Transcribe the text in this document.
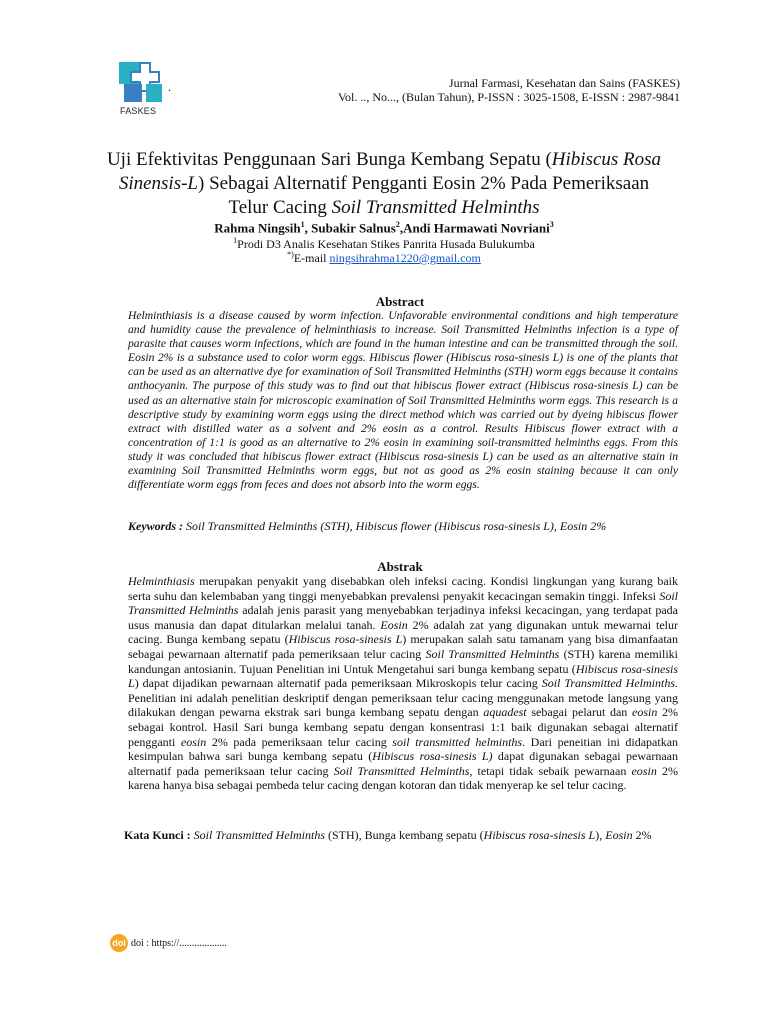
FASKES
.	Jurnal Farmasi, Kesehatan dan Sains (FASKES)
Vol. .., No..., (Bulan Tahun), P-ISSN : 3025-1508, E-ISSN : 2987-9841
Uji Efektivitas Penggunaan Sari Bunga Kembang Sepatu (Hibiscus Rosa Sinensis-L) Sebagai Alternatif Pengganti Eosin 2% Pada Pemeriksaan Telur Cacing Soil Transmitted Helminths
Rahma Ningsih$^1$, Subakir Salnus$^2$,Andi Harmawati Novriani$^3$
$^1$Prodi D3 Analis Kesehatan Stikes Panrita Husada Bulukumba
*)E-mail ningsihrahma1220@gmail.com
Abstract
Helminthiasis is a disease caused by worm infection. Unfavorable environmental conditions and high temperature and humidity cause the prevalence of helminthiasis to increase. Soil Transmitted Helminths infection is a type of parasite that causes worm infections, which are found in the human intestine and can be transmitted through the soil. Eosin 2% is a substance used to color worm eggs. Hibiscus flower (Hibiscus rosa-sinesis L) is one of the plants that can be used as an alternative dye for examination of Soil Transmitted Helminths (STH) worm eggs because it contains anthocyanin. The purpose of this study was to find out that hibiscus flower extract (Hibiscus rosa-sinesis L) can be used as an alternative stain for microscopic examination of Soil Transmitted Helminths worm eggs. This research is a descriptive study by examining worm eggs using the direct method which was carried out by dyeing hibiscus flower extract with distilled water as a solvent and 2% eosin as a control. Results Hibiscus flower extract with a concentration of 1:1 is good as an alternative to 2% eosin in examining soil-transmitted helminths eggs. From this study it was concluded that hibiscus flower extract (Hibiscus rosa-sinesis L) can be used as an alternative stain in examining Soil Transmitted Helminths worm eggs, but not as good as 2% eosin staining because it can only differentiate worm eggs from feces and does not absorb into the worm eggs.
Keywords : Soil Transmitted Helminths (STH), Hibiscus flower (Hibiscus rosa-sinesis L), Eosin 2%
Abstrak
Helminthiasis merupakan penyakit yang disebabkan oleh infeksi cacing. Kondisi lingkungan yang kurang baik serta suhu dan kelembaban yang tinggi menyebabkan prevalensi penyakit kecacingan semakin tinggi. Infeksi Soil Transmitted Helminths adalah jenis parasit yang menyebabkan terjadinya infeksi kecacingan, yang terdapat pada usus manusia dan dapat ditularkan melalui tanah. Eosin 2% adalah zat yang digunakan untuk mewarnai telur cacing. Bunga kembang sepatu (Hibiscus rosa-sinesis L) merupakan salah satu tamanam yang bisa dimanfaatan sebagai pewarnaan alternatif pada pemeriksaan telur cacing Soil Transmitted Helminths (STH) karena memiliki kandungan antosianin. Tujuan Penelitian ini Untuk Mengetahui sari bunga kembang sepatu (Hibiscus rosa-sinesis L) dapat dijadikan pewarnaan alternatif pada pemeriksaan Mikroskopis telur cacing Soil Transmitted Helminths. Penelitian ini adalah penelitian deskriptif dengan pemeriksaan telur cacing menggunakan metode langsung yang dilakukan dengan pewarna ekstrak sari bunga kembang sepatu dengan aquadest sebagai pelarut dan eosin 2% sebagai kontrol. Hasil Sari bunga kembang sepatu dengan konsentrasi 1:1 baik digunakan sebagai alternatif pengganti eosin 2% pada pemeriksaan telur cacing soil transmitted helminths. Dari peneitian ini didapatkan kesimpulan bahwa sari bunga kembang sepatu (Hibiscus rosa-sinesis L) dapat digunakan sebagai pewarnaan alternatif pada pemeriksaan telur cacing Soil Transmitted Helminths, tetapi tidak sebaik pewarnaan eosin 2% karena hanya bisa sebagai pembeda telur cacing dengan kotoran dan tidak menyerap ke sel telur cacing.
Kata Kunci : Soil Transmitted Helminths (STH), Bunga kembang sepatu (Hibiscus rosa-sinesis L), Eosin 2%
doi doi : https://...................
